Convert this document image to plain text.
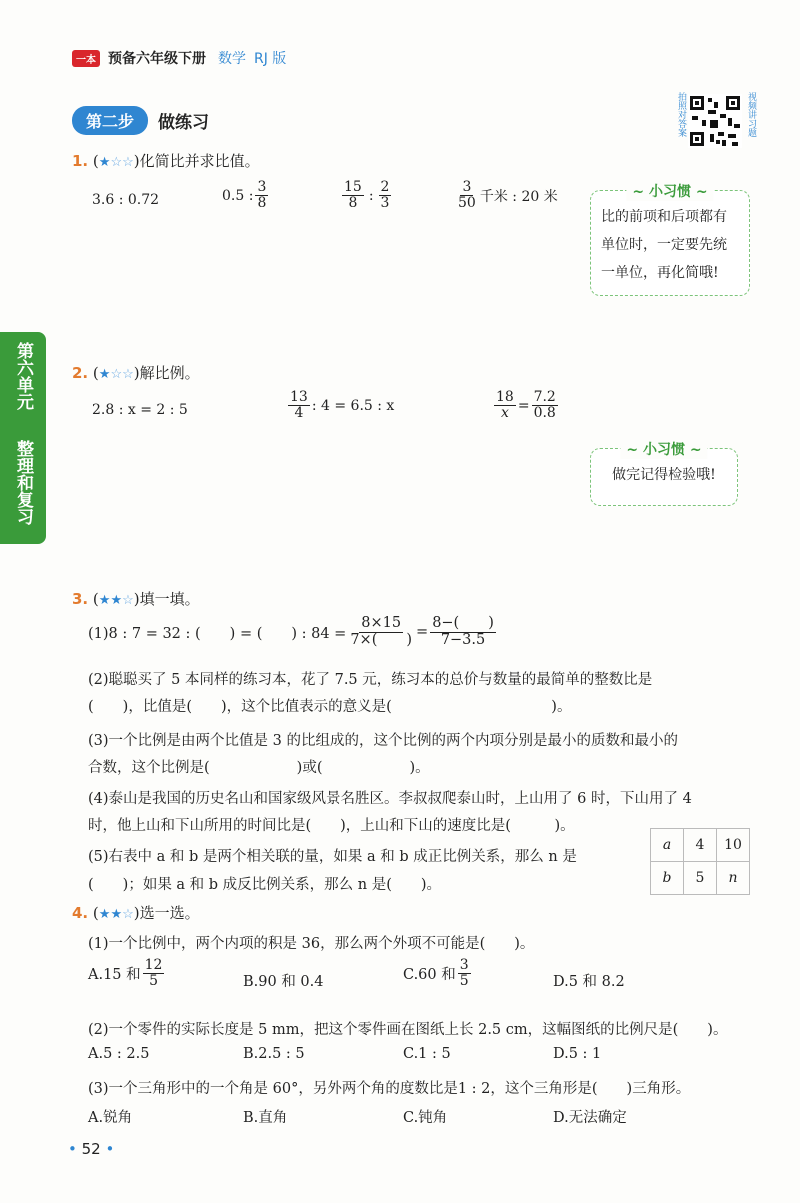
一本 预备六年级下册 数学 RJ 版
拍照对答案	视频讲习题
第二步	做练习
第六单元
整理和复习
1. (★☆☆)化简比并求比值。
3.6 : 0.72	0.5 : $\frac{3}{8}$	$\frac{15}{8}$ : $\frac{2}{3}$	$\frac{3}{50}$ 千米 : 20 米	~ 小习惯 ~
比的前项和后项都有
单位时，一定要先统
一单位，再化简哦!
2. (★☆☆)解比例。
2.8 : x = 2 : 5	$\frac{13}{4}$ : 4 = 6.5 : x	$\frac{18}{x} = \frac{7.2}{0.8}$
~ 小习惯 ~
做完记得检验哦!
3. (★★☆)填一填。
(1)8 : 7 = 32 : (　　) = (　　) : $84 = \frac{8\times 15}{7\times( )} = \frac{8-( )}{7-3.5}$
(2)聪聪买了 5 本同样的练习本，花了 7.5 元，练习本的总价与数量的最简单的整数比是
(　　)，比值是(　　)，这个比值表示的意义是(　　　　　　　　　　　)。
(3)一个比例是由两个比值是 3 的比组成的，这个比例的两个内项分别是最小的质数和最小的
合数，这个比例是(　　　　　　)或(　　　　　　)。
(4)泰山是我国的历史名山和国家级风景名胜区。李叔叔爬泰山时，上山用了 6 时，下山用了 4
时，他上山和下山所用的时间比是(　　)，上山和下山的速度比是(　　　)。
(5)右表中 a 和 b 是两个相关联的量，如果 a 和 b 成正比例关系，那么 n 是
(　　)；如果 a 和 b 成反比例关系，那么 n 是(　　)。
a	4	10
b	5	n
4. (★★☆)选一选。
(1)一个比例中，两个内项的积是 36，那么两个外项不可能是(　　)。
A.15 和 $\frac{12}{5}$	B.90 和 0.4	C.60 和 $\frac{3}{5}$	D.5 和 8.2
(2)一个零件的实际长度是 5 mm，把这个零件画在图纸上长 2.5 cm，这幅图纸的比例尺是(　　)。
A.5 : 2.5	B.2.5 : 5	C.1 : 5	D.5 : 1
(3)一个三角形中的一个角是 60°，另外两个角的度数比是1 : 2，这个三角形是(　　)三角形。
A.锐角	B.直角	C.钝角	D.无法确定
• 52 •
